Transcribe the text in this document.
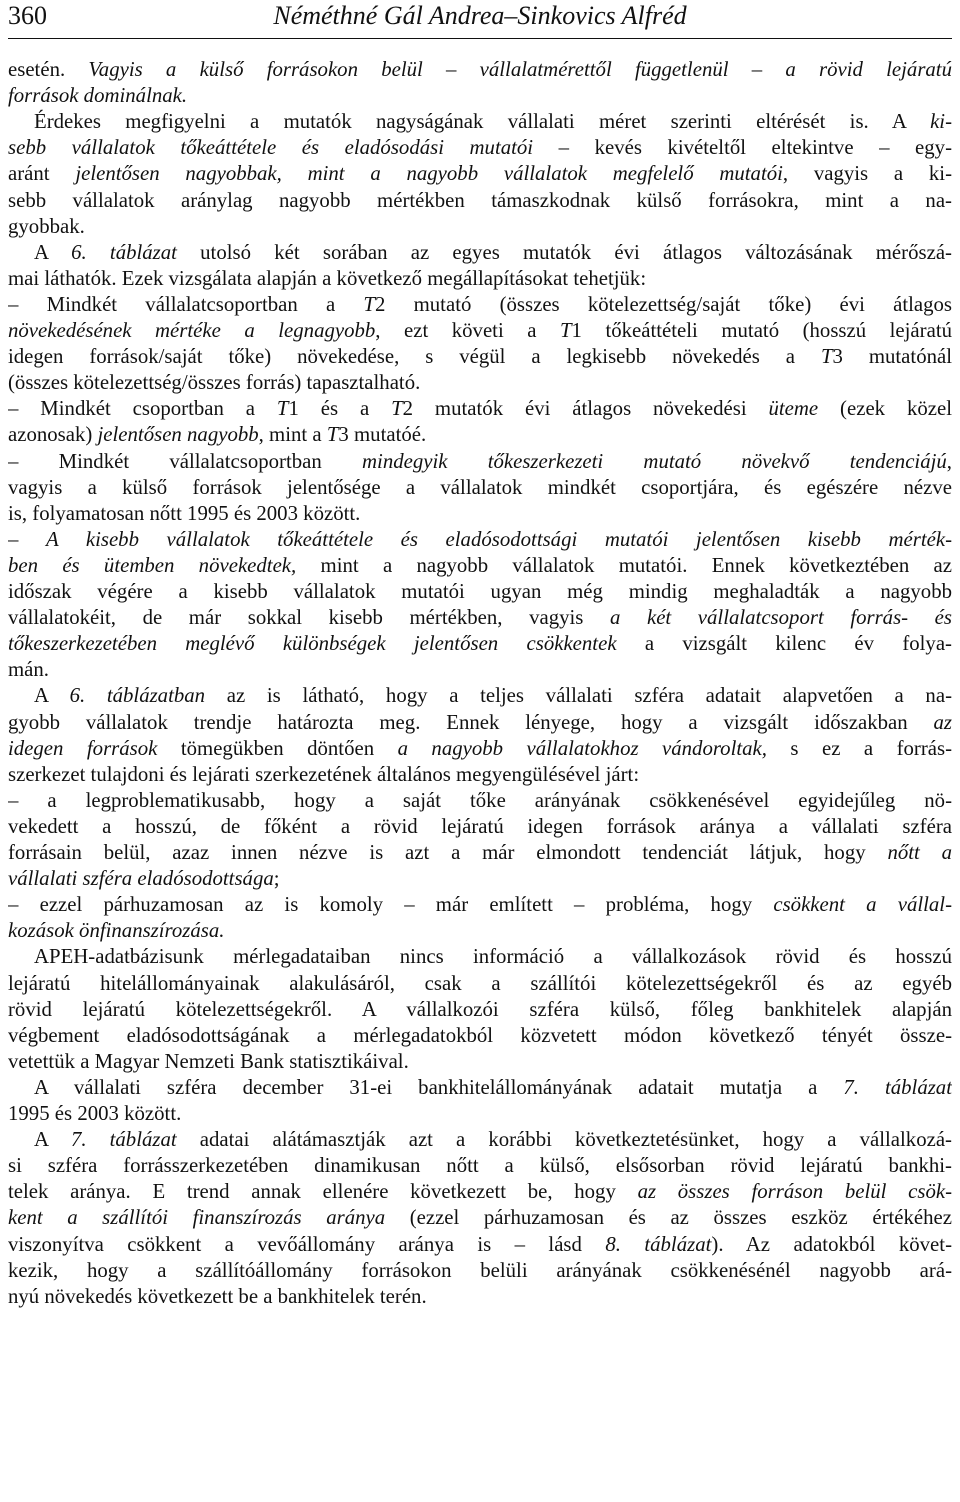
360	Néméthné Gál Andrea–Sinkovics Alfréd
esetén. Vagyis a külső forrásokon belül – vállalatmérettől függetlenül – a rövid lejáratú
források dominálnak.
Érdekes megfigyelni a mutatók nagyságának vállalati méret szerinti eltérését is. A ki-
sebb vállalatok tőkeáttétele és eladósodási mutatói – kevés kivételtől eltekintve – egy-
aránt jelentősen nagyobbak, mint a nagyobb vállalatok megfelelő mutatói, vagyis a ki-
sebb vállalatok aránylag nagyobb mértékben támaszkodnak külső forrásokra, mint a na-
gyobbak.
A 6. táblázat utolsó két sorában az egyes mutatók évi átlagos változásának mérőszá-
mai láthatók. Ezek vizsgálata alapján a következő megállapításokat tehetjük:
– Mindkét vállalatcsoportban a T2 mutató (összes kötelezettség/saját tőke) évi átlagos
növekedésének mértéke a legnagyobb, ezt követi a T1 tőkeáttételi mutató (hosszú lejáratú
idegen források/saját tőke) növekedése, s végül a legkisebb növekedés a T3 mutatónál
(összes kötelezettség/összes forrás) tapasztalható.
– Mindkét csoportban a T1 és a T2 mutatók évi átlagos növekedési üteme (ezek közel
azonosak) jelentősen nagyobb, mint a T3 mutatóé.
– Mindkét vállalatcsoportban mindegyik tőkeszerkezeti mutató növekvő tendenciájú,
vagyis a külső források jelentősége a vállalatok mindkét csoportjára, és egészére nézve
is, folyamatosan nőtt 1995 és 2003 között.
– A kisebb vállalatok tőkeáttétele és eladósodottsági mutatói jelentősen kisebb mérték-
ben és ütemben növekedtek, mint a nagyobb vállalatok mutatói. Ennek következtében az
időszak végére a kisebb vállalatok mutatói ugyan még mindig meghaladták a nagyobb
vállalatokéit, de már sokkal kisebb mértékben, vagyis a két vállalatcsoport forrás- és
tőkeszerkezetében meglévő különbségek jelentősen csökkentek a vizsgált kilenc év folya-
mán.
A 6. táblázatban az is látható, hogy a teljes vállalati szféra adatait alapvetően a na-
gyobb vállalatok trendje határozta meg. Ennek lényege, hogy a vizsgált időszakban az
idegen források tömegükben döntően a nagyobb vállalatokhoz vándoroltak, s ez a forrás-
szerkezet tulajdoni és lejárati szerkezetének általános megyengülésével járt:
– a legproblematikusabb, hogy a saját tőke arányának csökkenésével egyidejűleg nö-
vekedett a hosszú, de főként a rövid lejáratú idegen források aránya a vállalati szféra
forrásain belül, azaz innen nézve is azt a már elmondott tendenciát látjuk, hogy nőtt a
vállalati szféra eladósodottsága;
– ezzel párhuzamosan az is komoly – már említett – probléma, hogy csökkent a vállal-
kozások önfinanszírozása.
APEH-adatbázisunk mérlegadataiban nincs információ a vállalkozások rövid és hosszú
lejáratú hitelállományainak alakulásáról, csak a szállítói kötelezettségekről és az egyéb
rövid lejáratú kötelezettségekről. A vállalkozói szféra külső, főleg bankhitelek alapján
végbement eladósodottságának a mérlegadatokból közvetett módon következő tényét össze-
vetettük a Magyar Nemzeti Bank statisztikáival.
A vállalati szféra december 31-ei bankhitelállományának adatait mutatja a 7. táblázat
1995 és 2003 között.
A 7. táblázat adatai alátámasztják azt a korábbi következtetésünket, hogy a vállalkozá-
si szféra forrásszerkezetében dinamikusan nőtt a külső, elsősorban rövid lejáratú bankhi-
telek aránya. E trend annak ellenére következett be, hogy az összes forráson belül csök-
kent a szállítói finanszírozás aránya (ezzel párhuzamosan és az összes eszköz értékéhez
viszonyítva csökkent a vevőállomány aránya is – lásd 8. táblázat). Az adatokból követ-
kezik, hogy a szállítóállomány forrásokon belüli arányának csökkenésénél nagyobb ará-
nyú növekedés következett be a bankhitelek terén.
